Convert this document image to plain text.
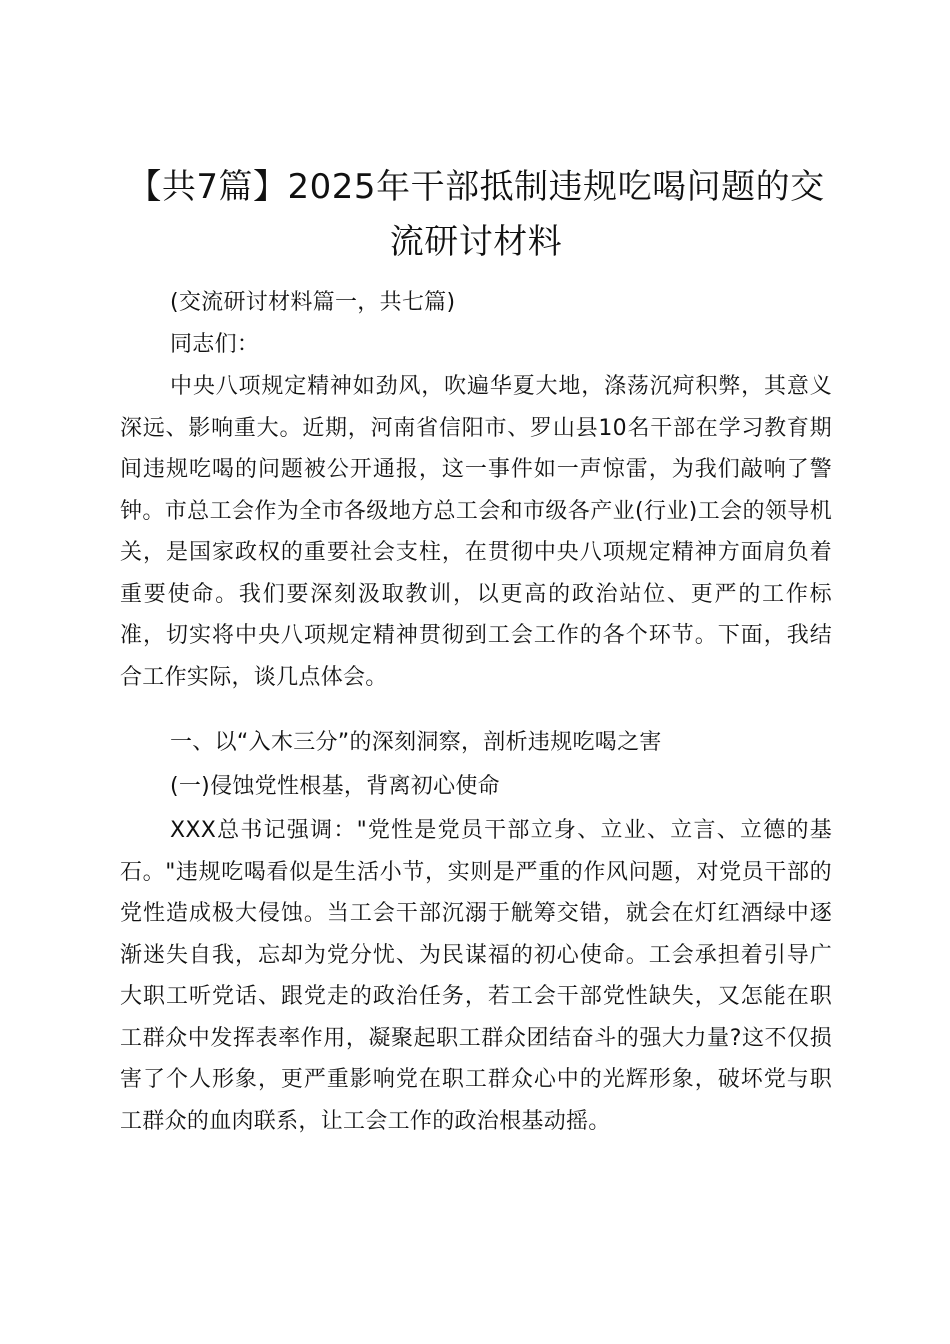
【共7篇】2025年干部抵制违规吃喝问题的交流研讨材料

(交流研讨材料篇一，共七篇)

同志们：

中央八项规定精神如劲风，吹遍华夏大地，涤荡沉疴积弊，其意义深远、影响重大。近期，河南省信阳市、罗山县10名干部在学习教育期间违规吃喝的问题被公开通报，这一事件如一声惊雷，为我们敲响了警钟。市总工会作为全市各级地方总工会和市级各产业(行业)工会的领导机关，是国家政权的重要社会支柱，在贯彻中央八项规定精神方面肩负着重要使命。我们要深刻汲取教训，以更高的政治站位、更严的工作标准，切实将中央八项规定精神贯彻到工会工作的各个环节。下面，我结合工作实际，谈几点体会。

一、以“入木三分”的深刻洞察，剖析违规吃喝之害

(一)侵蚀党性根基，背离初心使命

XXX总书记强调："党性是党员干部立身、立业、立言、立德的基石。"违规吃喝看似是生活小节，实则是严重的作风问题，对党员干部的党性造成极大侵蚀。当工会干部沉溺于觥筹交错，就会在灯红酒绿中逐渐迷失自我，忘却为党分忧、为民谋福的初心使命。工会承担着引导广大职工听党话、跟党走的政治任务，若工会干部党性缺失，又怎能在职工群众中发挥表率作用，凝聚起职工群众团结奋斗的强大力量?这不仅损害了个人形象，更严重影响党在职工群众心中的光辉形象，破坏党与职工群众的血肉联系，让工会工作的政治根基动摇。
